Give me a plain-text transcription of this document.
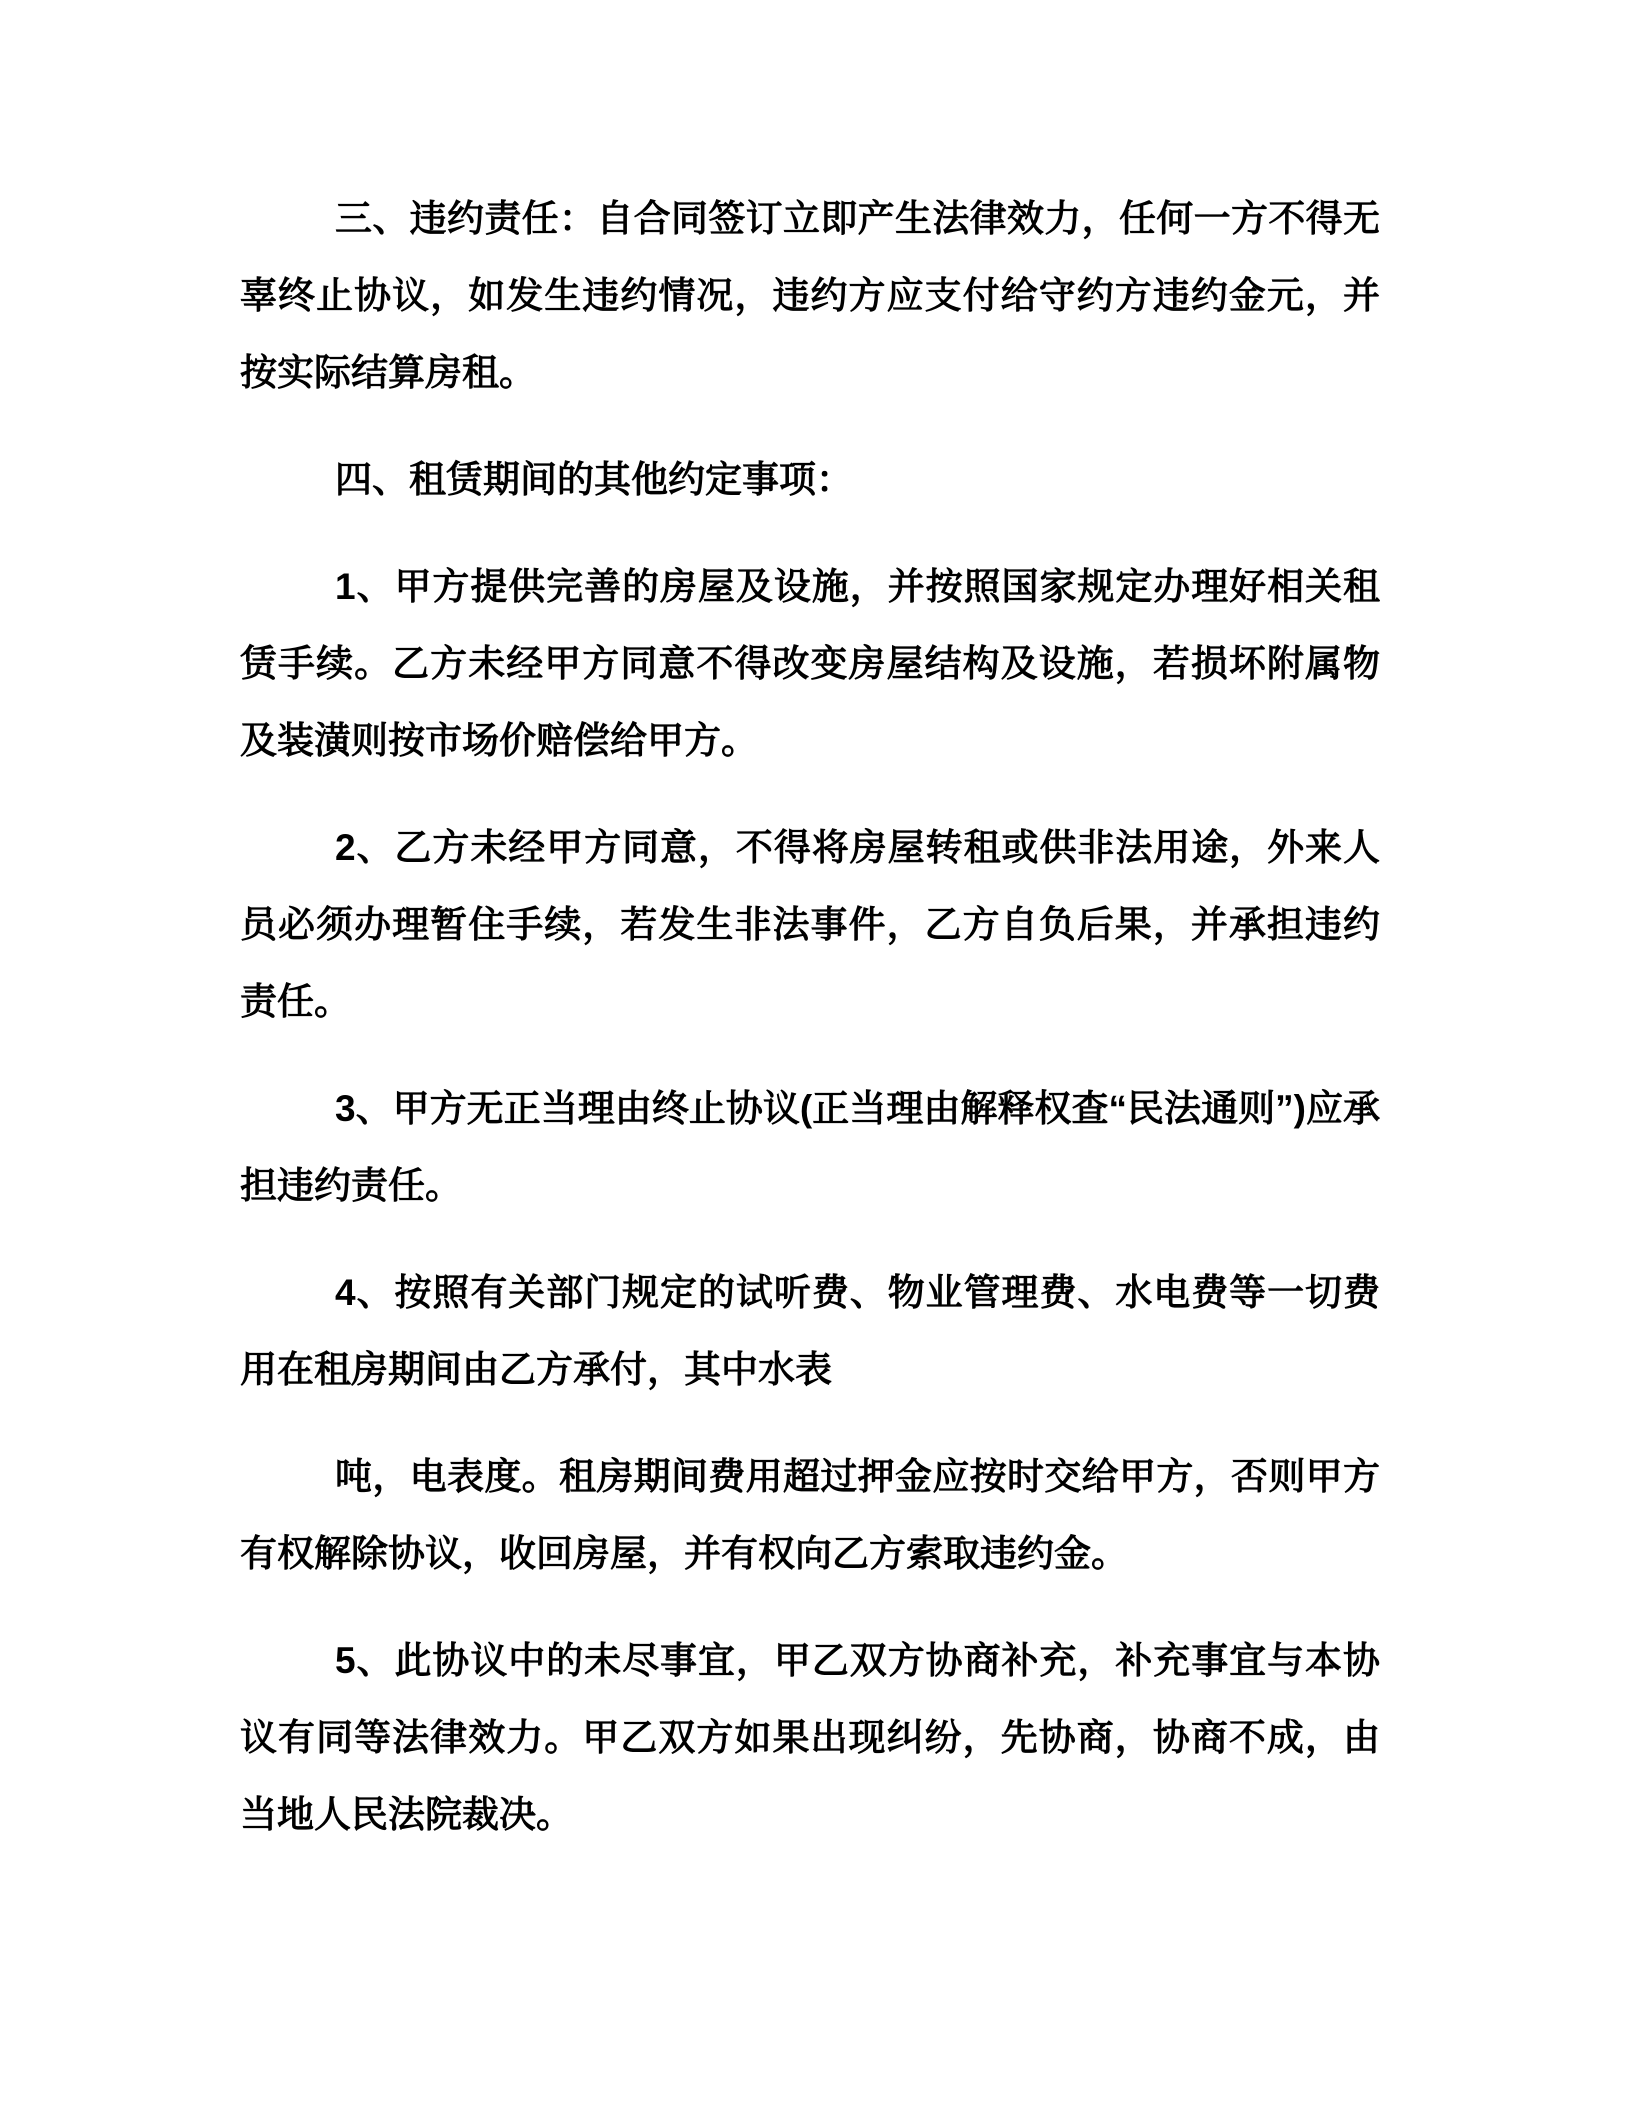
三、违约责任：自合同签订立即产生法律效力，任何一方不得无辜终止协议，如发生违约情况，违约方应支付给守约方违约金元，并按实际结算房租。

四、租赁期间的其他约定事项：

1、甲方提供完善的房屋及设施，并按照国家规定办理好相关租赁手续。乙方未经甲方同意不得改变房屋结构及设施，若损坏附属物及装潢则按市场价赔偿给甲方。

2、乙方未经甲方同意，不得将房屋转租或供非法用途，外来人员必须办理暂住手续，若发生非法事件，乙方自负后果，并承担违约责任。

3、甲方无正当理由终止协议(正当理由解释权查“民法通则”)应承担违约责任。

4、按照有关部门规定的试听费、物业管理费、水电费等一切费用在租房期间由乙方承付，其中水表

吨，电表度。租房期间费用超过押金应按时交给甲方，否则甲方有权解除协议，收回房屋，并有权向乙方索取违约金。

5、此协议中的未尽事宜，甲乙双方协商补充，补充事宜与本协议有同等法律效力。甲乙双方如果出现纠纷，先协商，协商不成，由当地人民法院裁决。
